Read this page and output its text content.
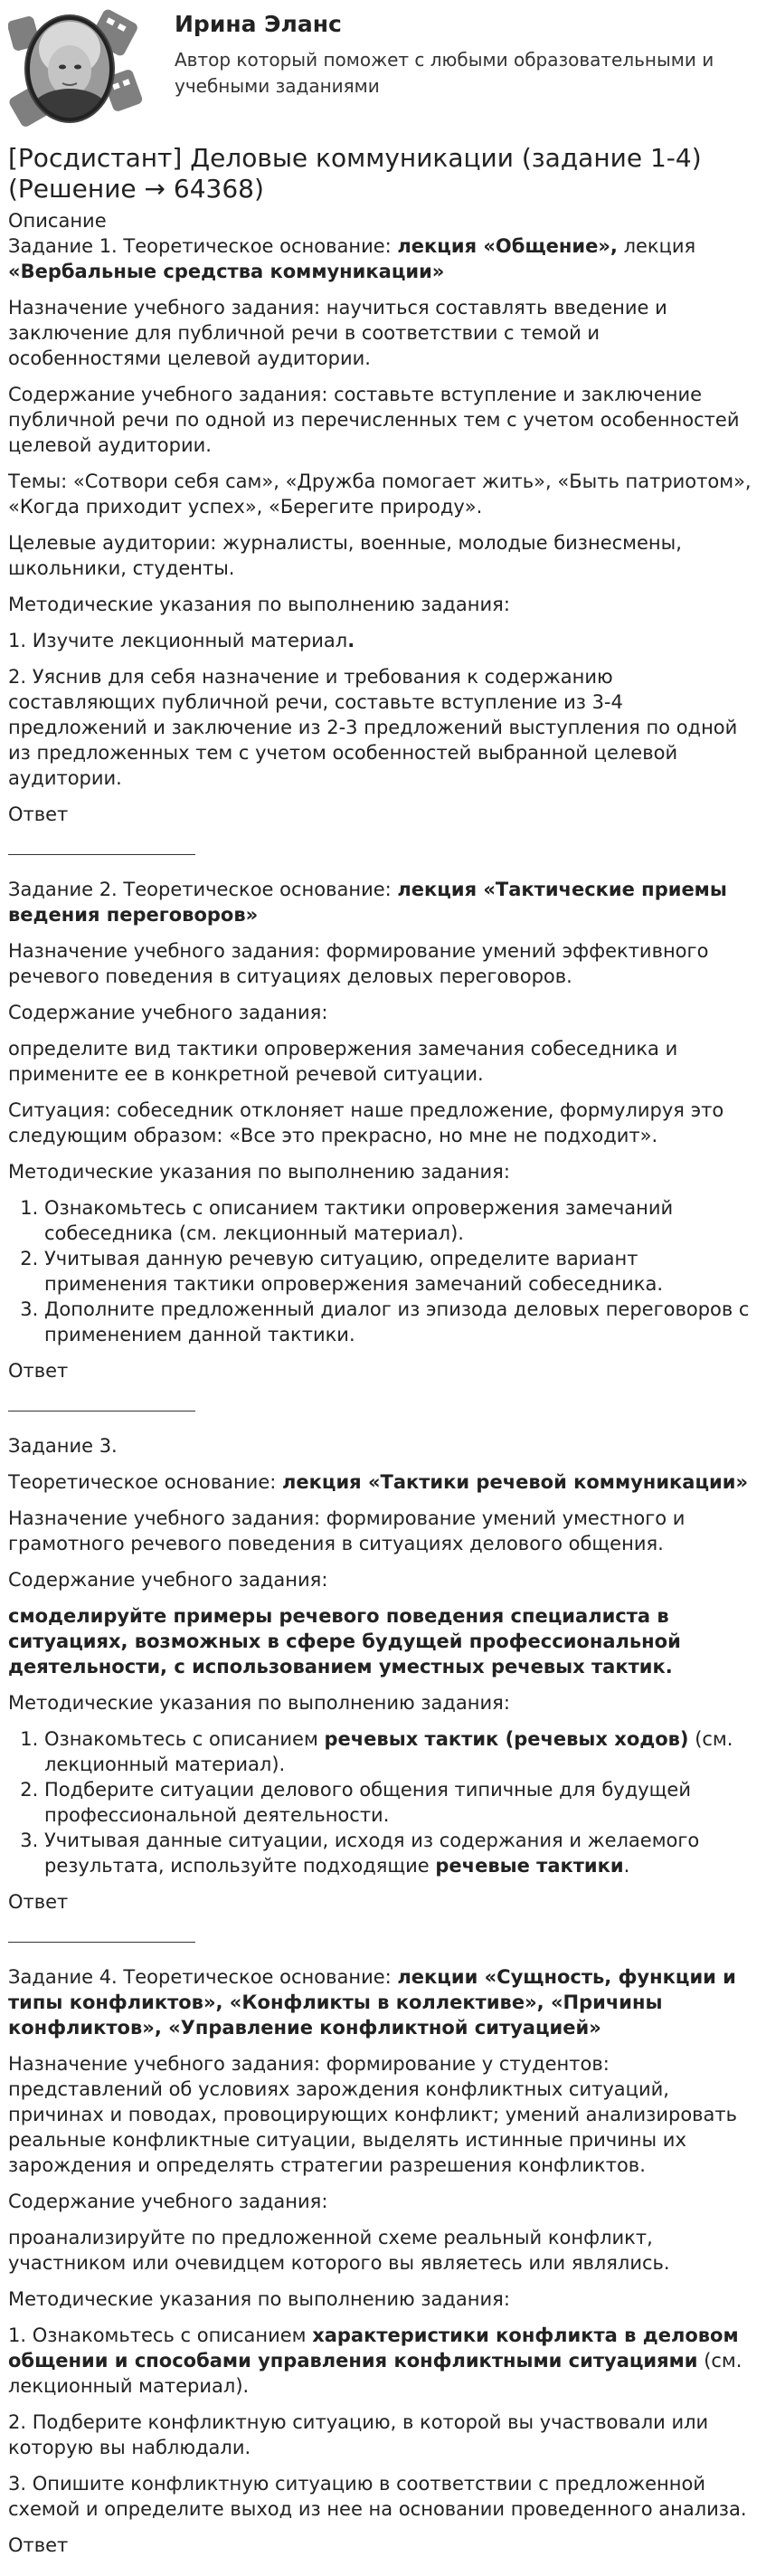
Ирина Эланс
Автор который поможет с любыми образовательными и учебными заданиями
[Росдистант] Деловые коммуникации (задание 1-4) (Решение → 64368)
Описание
Задание 1. Теоретическое основание: лекция «Общение», лекция «Вербальные средства коммуникации»

Назначение учебного задания: научиться составлять введение и заключение для публичной речи в соответствии с темой и особенностями целевой аудитории.

Содержание учебного задания: составьте вступление и заключение публичной речи по одной из перечисленных тем с учетом особенностей целевой аудитории.

Темы: «Сотвори себя сам», «Дружба помогает жить», «Быть патриотом», «Когда приходит успех», «Берегите природу».

Целевые аудитории: журналисты, военные, молодые бизнесмены, школьники, студенты.

Методические указания по выполнению задания:

1. Изучите лекционный материал.

2. Уяснив для себя назначение и требования к содержанию составляющих публичной речи, составьте вступление из 3-4 предложений и заключение из 2-3 предложений выступления по одной из предложенных тем с учетом особенностей выбранной целевой аудитории.

Ответ
Задание 2. Теоретическое основание: лекция «Тактические приемы ведения переговоров»

Назначение учебного задания: формирование умений эффективного речевого поведения в ситуациях деловых переговоров.

Содержание учебного задания:

определите вид тактики опровержения замечания собеседника и примените ее в конкретной речевой ситуации.

Ситуация: собеседник отклоняет наше предложение, формулируя это следующим образом: «Все это прекрасно, но мне не подходит».

Методические указания по выполнению задания:

1. Ознакомьтесь с описанием тактики опровержения замечаний собеседника (см. лекционный материал).
2. Учитывая данную речевую ситуацию, определите вариант применения тактики опровержения замечаний собеседника.
3. Дополните предложенный диалог из эпизода деловых переговоров с применением данной тактики.
Ответ

Задание 3.

Теоретическое основание: лекция «Тактики речевой коммуникации»

Назначение учебного задания: формирование умений уместного и грамотного речевого поведения в ситуациях делового общения.

Содержание учебного задания:

смоделируйте примеры речевого поведения специалиста в ситуациях, возможных в сфере будущей профессиональной деятельности, с использованием уместных речевых тактик.

Методические указания по выполнению задания:

1. Ознакомьтесь с описанием речевых тактик (речевых ходов) (см. лекционный материал).
2. Подберите ситуации делового общения типичные для будущей профессиональной деятельности.
3. Учитывая данные ситуации, исходя из содержания и желаемого результата, используйте подходящие речевые тактики.
Ответ
Задание 4. Теоретическое основание: лекции «Сущность, функции и типы конфликтов», «Конфликты в коллективе», «Причины конфликтов», «Управление конфликтной ситуацией»

Назначение учебного задания: формирование у студентов: представлений об условиях зарождения конфликтных ситуаций, причинах и поводах, провоцирующих конфликт; умений анализировать реальные конфликтные ситуации, выделять истинные причины их зарождения и определять стратегии разрешения конфликтов.

Содержание учебного задания:

проанализируйте по предложенной схеме реальный конфликт, участником или очевидцем которого вы являетесь или являлись.

Методические указания по выполнению задания:

1. Ознакомьтесь с описанием характеристики конфликта в деловом общении и способами управления конфликтными ситуациями (см. лекционный материал).

2. Подберите конфликтную ситуацию, в которой вы участвовали или которую вы наблюдали.

3. Опишите конфликтную ситуацию в соответствии с предложенной схемой и определите выход из нее на основании проведенного анализа.

Ответ
